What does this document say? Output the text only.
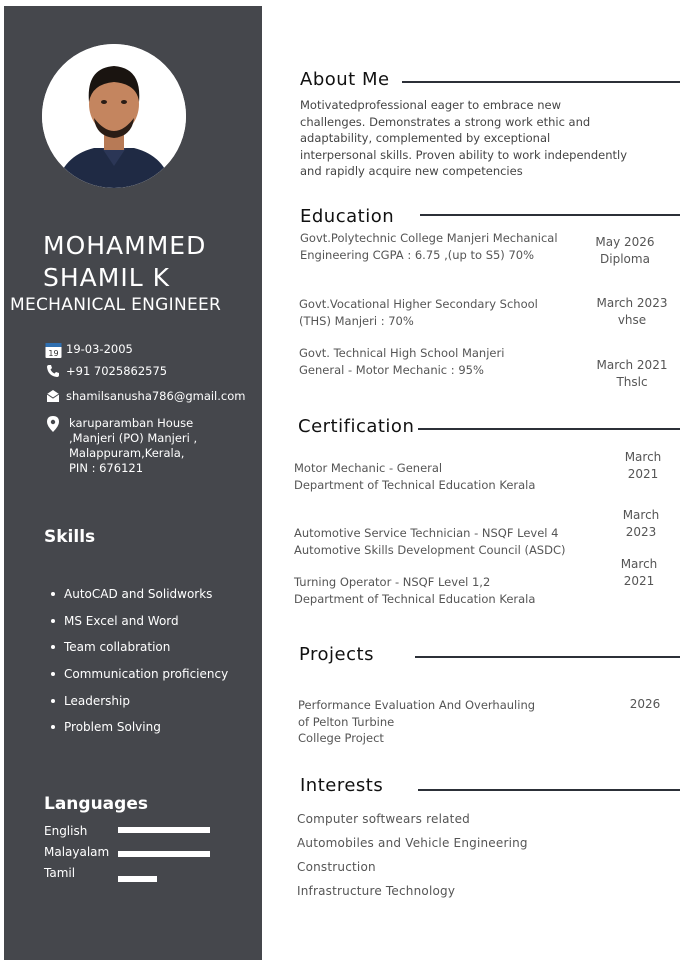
MOHAMMED
SHAMIL K
MECHANICAL ENGINEER
19 19-03-2005
+91 7025862575
shamilsanusha786@gmail.com
karuparamban House ,Manjeri (PO) Manjeri , Malappuram,Kerala, PIN : 676121
Skills
AutoCAD and Solidworks
MS Excel and Word
Team collabration
Communication proficiency
Leadership
Problem Solving
Languages
English
Malayalam
Tamil
About Me
Motivatedprofessional eager to embrace new challenges. Demonstrates a strong work ethic and adaptability, complemented by exceptional interpersonal skills. Proven ability to work independently and rapidly acquire new competencies
Education
Govt.Polytechnic College Manjeri Mechanical Engineering CGPA : 6.75 ,(up to S5) 70%
May 2026
Diploma
Govt.Vocational Higher Secondary School (THS) Manjeri : 70%
March 2023
vhse
Govt. Technical High School Manjeri General - Motor Mechanic : 95%	March 2021
Thslc
Certification
Motor Mechanic - General
Department of Technical Education Kerala
March
2021
Automotive Service Technician - NSQF Level 4
Automotive Skills Development Council (ASDC)
March
2023
Turning Operator - NSQF Level 1,2
Department of Technical Education Kerala
March
2021
Projects
Performance Evaluation And Overhauling
of Pelton Turbine
College Project
2026
Interests
Computer softwears related
Automobiles and Vehicle Engineering
Construction
Infrastructure Technology
